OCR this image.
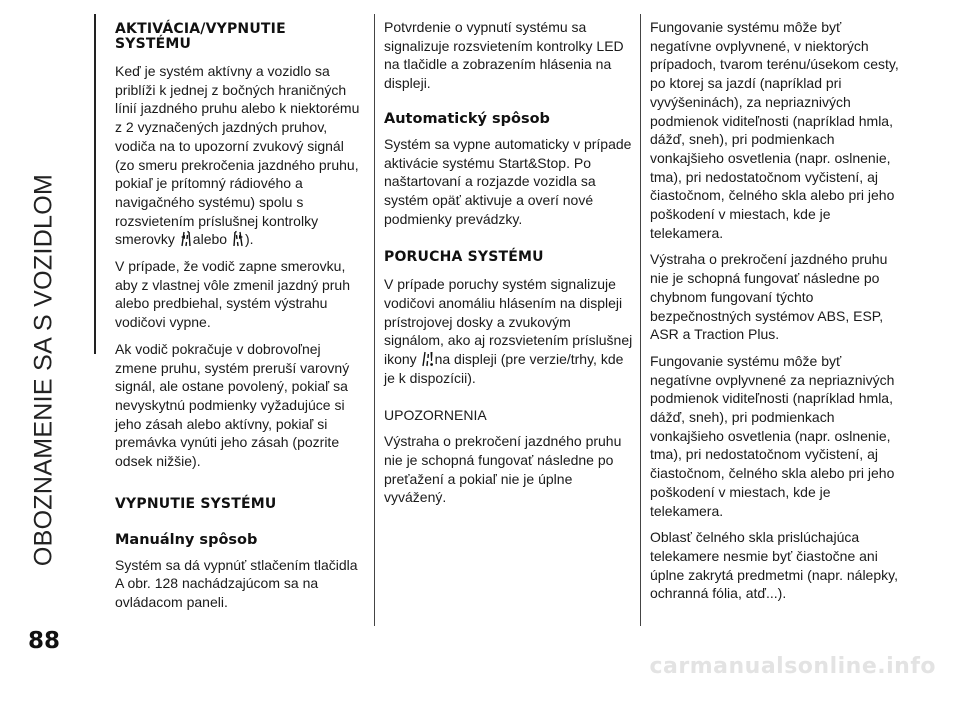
OBOZNAMENIE SA S VOZIDLOM
88
AKTIVÁCIA/VYPNUTIE SYSTÉMU

Keď je systém aktívny a vozidlo sa priblíži k jednej z bočných hraničných línií jazdného pruhu alebo k niektorému z 2 vyznačených jazdných pruhov, vodiča na to upozorní zvukový signál (zo smeru prekročenia jazdného pruhu, pokiaľ je prítomný rádiového a navigačného systému) spolu s rozsvietením príslušnej kontrolky smerovky alebo ).

V prípade, že vodič zapne smerovku, aby z vlastnej vôle zmenil jazdný pruh alebo predbiehal, systém výstrahu vodičovi vypne.

Ak vodič pokračuje v dobrovoľnej zmene pruhu, systém preruší varovný signál, ale ostane povolený, pokiaľ sa nevyskytnú podmienky vyžadujúce si jeho zásah alebo aktívny, pokiaľ si premávka vynúti jeho zásah (pozrite odsek nižšie).

VYPNUTIE SYSTÉMU
Manuálny spôsob

Systém sa dá vypnúť stlačením tlačidla A obr. 128 nachádzajúcom sa na ovládacom paneli.

Potvrdenie o vypnutí systému sa signalizuje rozsvietením kontrolky LED na tlačidle a zobrazením hlásenia na displeji.

Automatický spôsob

Systém sa vypne automaticky v prípade aktivácie systému Start&Stop. Po naštartovaní a rozjazde vozidla sa systém opäť aktivuje a overí nové podmienky prevádzky.

PORUCHA SYSTÉMU

V prípade poruchy systém signalizuje vodičovi anomáliu hlásením na displeji prístrojovej dosky a zvukovým signálom, ako aj rozsvietením príslušnej ikony na displeji (pre verzie/trhy, kde je k dispozícii).

UPOZORNENIA

Výstraha o prekročení jazdného pruhu nie je schopná fungovať následne po preťažení a pokiaľ nie je úplne vyvážený.

Fungovanie systému môže byť negatívne ovplyvnené, v niektorých prípadoch, tvarom terénu/úsekom cesty, po ktorej sa jazdí (napríklad pri vyvýšeninách), za nepriaznivých podmienok viditeľnosti (napríklad hmla, dážď, sneh), pri podmienkach vonkajšieho osvetlenia (napr. oslnenie, tma), pri nedostatočnom vyčistení, aj čiastočnom, čelného skla alebo pri jeho poškodení v miestach, kde je telekamera.

Výstraha o prekročení jazdného pruhu nie je schopná fungovať následne po chybnom fungovaní týchto bezpečnostných systémov ABS, ESP, ASR a Traction Plus.

Fungovanie systému môže byť negatívne ovplyvnené za nepriaznivých podmienok viditeľnosti (napríklad hmla, dážď, sneh), pri podmienkach vonkajšieho osvetlenia (napr. oslnenie, tma), pri nedostatočnom vyčistení, aj čiastočnom, čelného skla alebo pri jeho poškodení v miestach, kde je telekamera.

Oblasť čelného skla prislúchajúca telekamere nesmie byť čiastočne ani úplne zakrytá predmetmi (napr. nálepky, ochranná fólia, atď...).

carmanualsonline.info
